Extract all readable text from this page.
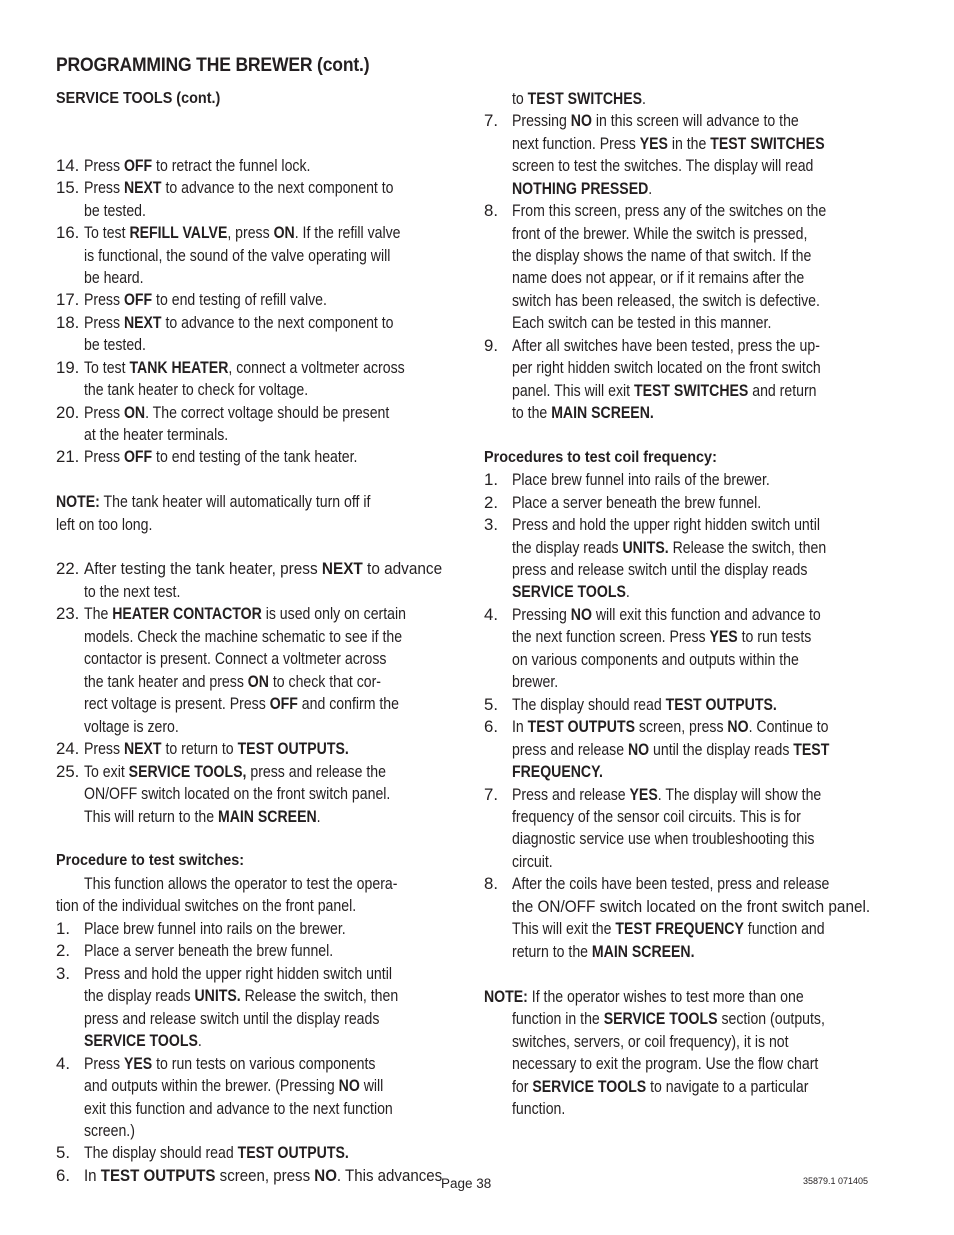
PROGRAMMING THE BREWER (cont.)
SERVICE TOOLS (cont.)
14. Press OFF to retract the funnel lock.
15. Press NEXT to advance to the next component to
be tested.
16. To test REFILL VALVE, press ON. If the refill valve
is functional, the sound of the valve operating will
be heard.
17. Press OFF to end testing of refill valve.
18. Press NEXT to advance to the next component to
be tested.
19. To test TANK HEATER, connect a voltmeter across
the tank heater to check for voltage.
20. Press ON. The correct voltage should be present
at the heater terminals.
21. Press OFF to end testing of the tank heater.
NOTE: The tank heater will automatically turn off if
left on too long.
22. After testing the tank heater, press NEXT to advance
to the next test.
23. The HEATER CONTACTOR is used only on certain
models. Check the machine schematic to see if the
contactor is present. Connect a voltmeter across
the tank heater and press ON to check that cor-
rect voltage is present. Press OFF and confirm the
voltage is zero.
24. Press NEXT to return to TEST OUTPUTS.
25. To exit SERVICE TOOLS, press and release the
ON/OFF switch located on the front switch panel.
This will return to the MAIN SCREEN.
Procedure to test switches:
This function allows the operator to test the opera-
tion of the individual switches on the front panel.
1. Place brew funnel into rails on the brewer.
2. Place a server beneath the brew funnel.
3. Press and hold the upper right hidden switch until
the display reads UNITS. Release the switch, then
press and release switch until the display reads
SERVICE TOOLS.
4. Press YES to run tests on various components
and outputs within the brewer. (Pressing NO will
exit this function and advance to the next function
screen.)
5. The display should read TEST OUTPUTS.
6. In TEST OUTPUTS screen, press NO. This advances
to TEST SWITCHES.
7. Pressing NO in this screen will advance to the
next function. Press YES in the TEST SWITCHES
screen to test the switches. The display will read
NOTHING PRESSED.
8. From this screen, press any of the switches on the
front of the brewer. While the switch is pressed,
the display shows the name of that switch. If the
name does not appear, or if it remains after the
switch has been released, the switch is defective.
Each switch can be tested in this manner.
9. After all switches have been tested, press the up-
per right hidden switch located on the front switch
panel. This will exit TEST SWITCHES and return
to the MAIN SCREEN.
Procedures to test coil frequency:
1. Place brew funnel into rails of the brewer.
2. Place a server beneath the brew funnel.
3. Press and hold the upper right hidden switch until
the display reads UNITS. Release the switch, then
press and release switch until the display reads
SERVICE TOOLS.
4. Pressing NO will exit this function and advance to
the next function screen. Press YES to run tests
on various components and outputs within the
brewer.
5. The display should read TEST OUTPUTS.
6. In TEST OUTPUTS screen, press NO. Continue to
press and release NO until the display reads TEST
FREQUENCY.
7. Press and release YES. The display will show the
frequency of the sensor coil circuits. This is for
diagnostic service use when troubleshooting this
circuit.
8. After the coils have been tested, press and release
the ON/OFF switch located on the front switch panel.
This will exit the TEST FREQUENCY function and
return to the MAIN SCREEN.
NOTE: If the operator wishes to test more than one
function in the SERVICE TOOLS section (outputs,
switches, servers, or coil frequency), it is not
necessary to exit the program. Use the flow chart
for SERVICE TOOLS to navigate to a particular
function.
Page 38	35879.1 071405
